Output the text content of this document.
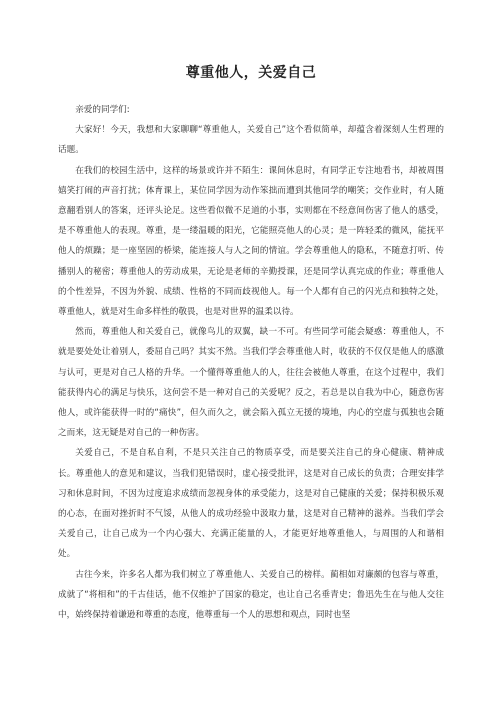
尊重他人，关爱自己

亲爱的同学们:

大家好！今天，我想和大家聊聊“尊重他人，关爱自己”这个看似简单，却蕴含着深刻人生哲理的话题。

在我们的校园生活中，这样的场景或许并不陌生：课间休息时，有同学正专注地看书，却被周围嬉笑打闹的声音打扰；体育课上，某位同学因为动作笨拙而遭到其他同学的嘲笑；交作业时，有人随意翻看别人的答案，还评头论足。这些看似微不足道的小事，实则都在不经意间伤害了他人的感受，是不尊重他人的表现。尊重，是一缕温暖的阳光，它能照亮他人的心灵；是一阵轻柔的微风，能抚平他人的烦躁；是一座坚固的桥梁，能连接人与人之间的情谊。学会尊重他人的隐私，不随意打听、传播别人的秘密；尊重他人的劳动成果，无论是老师的辛勤授课，还是同学认真完成的作业；尊重他人的个性差异，不因为外貌、成绩、性格的不同而歧视他人。每一个人都有自己的闪光点和独特之处，尊重他人，就是对生命多样性的敬畏，也是对世界的温柔以待。

然而，尊重他人和关爱自己，就像鸟儿的双翼，缺一不可。有些同学可能会疑惑：尊重他人，不就是要处处让着别人，委屈自己吗？其实不然。当我们学会尊重他人时，收获的不仅仅是他人的感激与认可，更是对自己人格的升华。一个懂得尊重他人的人，往往会被他人尊重，在这个过程中，我们能获得内心的满足与快乐，这何尝不是一种对自己的关爱呢？反之，若总是以自我为中心，随意伤害他人，或许能获得一时的“痛快”，但久而久之，就会陷入孤立无援的境地，内心的空虚与孤独也会随之而来，这无疑是对自己的一种伤害。

关爱自己，不是自私自利，不是只关注自己的物质享受，而是要关注自己的身心健康、精神成长。尊重他人的意见和建议，当我们犯错误时，虚心接受批评，这是对自己成长的负责；合理安排学习和休息时间，不因为过度追求成绩而忽视身体的承受能力，这是对自己健康的关爱；保持积极乐观的心态，在面对挫折时不气馁，从他人的成功经验中汲取力量，这是对自己精神的滋养。当我们学会关爱自己，让自己成为一个内心强大、充满正能量的人，才能更好地尊重他人，与周围的人和谐相处。

古往今来，许多名人都为我们树立了尊重他人、关爱自己的榜样。蔺相如对廉颇的包容与尊重，成就了“将相和”的千古佳话，他不仅维护了国家的稳定，也让自己名垂青史；鲁迅先生在与他人交往中，始终保持着谦逊和尊重的态度，他尊重每一个人的思想和观点，同时也坚
